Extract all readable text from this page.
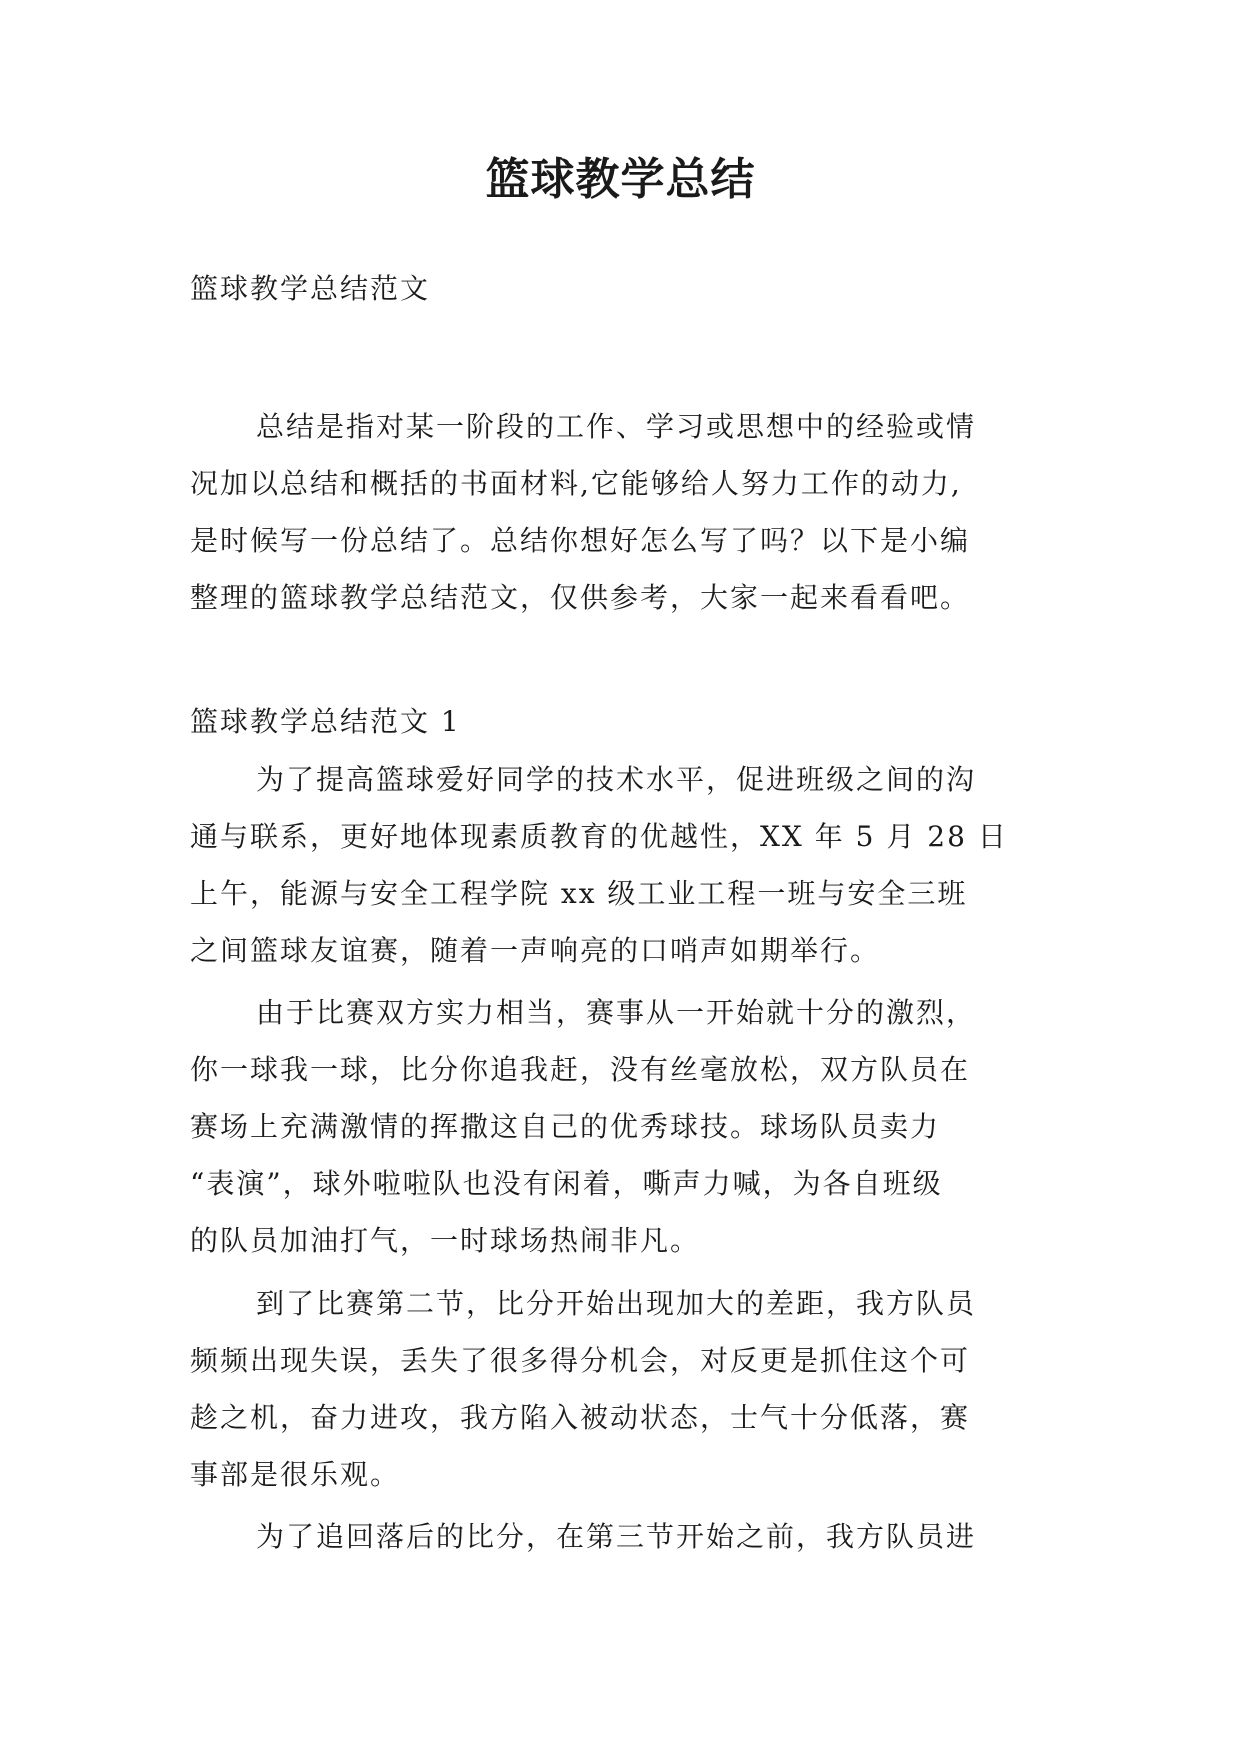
篮球教学总结
篮球教学总结范文
总结是指对某一阶段的工作、学习或思想中的经验或情
况加以总结和概括的书面材料,它能够给人努力工作的动力,
是时候写一份总结了。总结你想好怎么写了吗？以下是小编
整理的篮球教学总结范文，仅供参考，大家一起来看看吧。
篮球教学总结范文 1
为了提高篮球爱好同学的技术水平，促进班级之间的沟
通与联系，更好地体现素质教育的优越性，XX 年 5 月 28 日
上午，能源与安全工程学院 xx 级工业工程一班与安全三班
之间篮球友谊赛，随着一声响亮的口哨声如期举行。
由于比赛双方实力相当，赛事从一开始就十分的激烈，
你一球我一球，比分你追我赶，没有丝毫放松，双方队员在
赛场上充满激情的挥撒这自己的优秀球技。球场队员卖力
“表演”，球外啦啦队也没有闲着，嘶声力喊，为各自班级
的队员加油打气，一时球场热闹非凡。
到了比赛第二节，比分开始出现加大的差距，我方队员
频频出现失误，丢失了很多得分机会，对反更是抓住这个可
趁之机，奋力进攻，我方陷入被动状态，士气十分低落，赛
事部是很乐观。
为了追回落后的比分，在第三节开始之前，我方队员进
